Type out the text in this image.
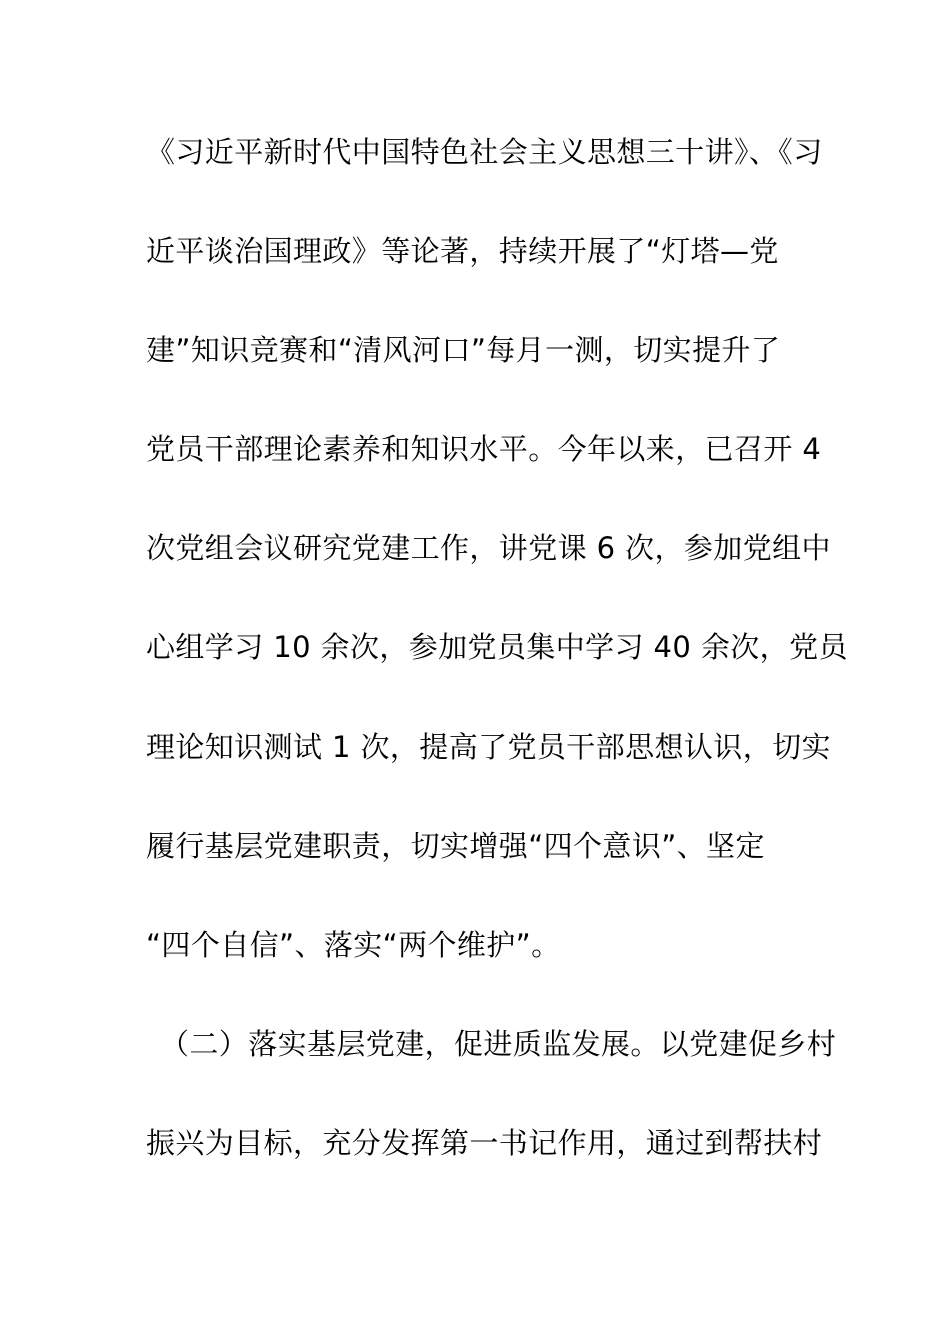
《习近平新时代中国特色社会主义思想三十讲》、《习
近平谈治国理政》等论著，持续开展了“灯塔—党
建”知识竞赛和“清风河口”每月一测，切实提升了
党员干部理论素养和知识水平。今年以来，已召开 4
次党组会议研究党建工作，讲党课 6 次，参加党组中
心组学习 10 余次，参加党员集中学习 40 余次，党员
理论知识测试 1 次，提高了党员干部思想认识，切实
履行基层党建职责，切实增强“四个意识”、坚定
“四个自信”、落实“两个维护”。
（二）落实基层党建，促进质监发展。以党建促乡村
振兴为目标，充分发挥第一书记作用，通过到帮扶村
